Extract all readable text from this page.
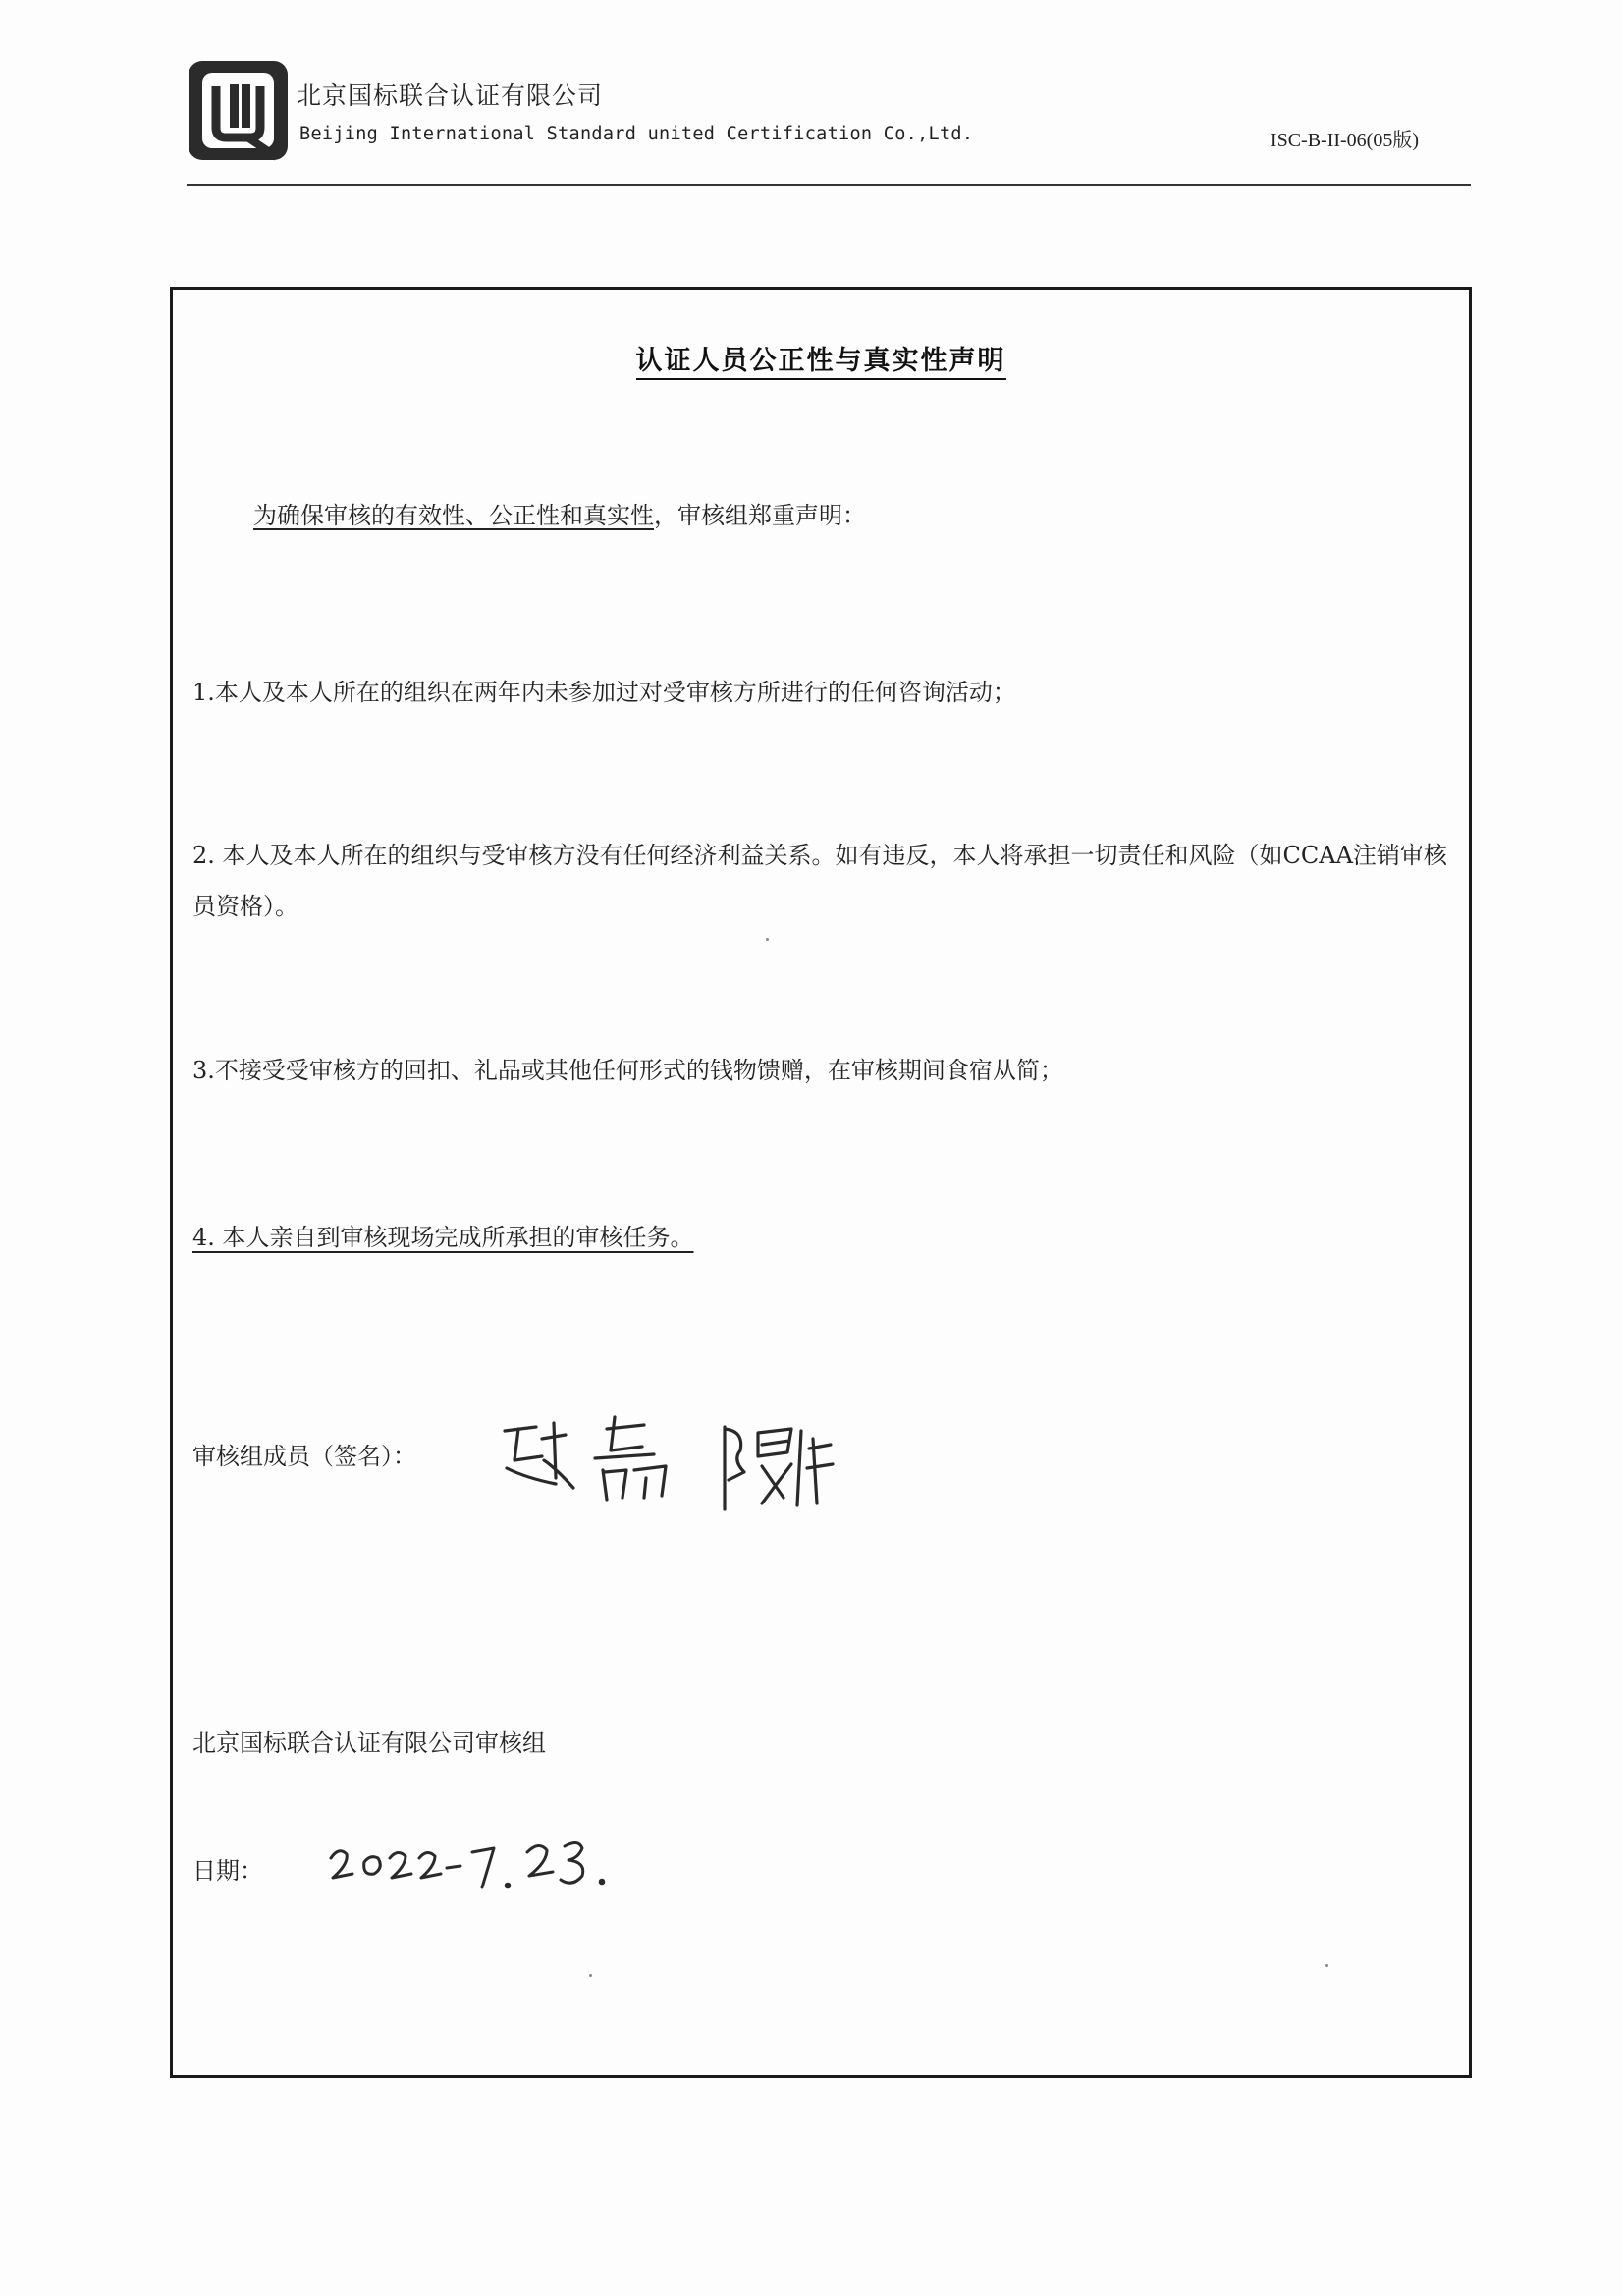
北京国标联合认证有限公司
Beijing International Standard united Certification Co.,Ltd.	ISC-B-II-06(05版)
认证人员公正性与真实性声明
为确保审核的有效性、公正性和真实性，审核组郑重声明：
1.本人及本人所在的组织在两年内未参加过对受审核方所进行的任何咨询活动；
2. 本人及本人所在的组织与受审核方没有任何经济利益关系。如有违反，本人将承担一切责任和风险（如CCAA注销审核员资格）。
3.不接受受审核方的回扣、礼品或其他任何形式的钱物馈赠，在审核期间食宿从简；
4. 本人亲自到审核现场完成所承担的审核任务。
审核组成员（签名）：
北京国标联合认证有限公司审核组
日期：
